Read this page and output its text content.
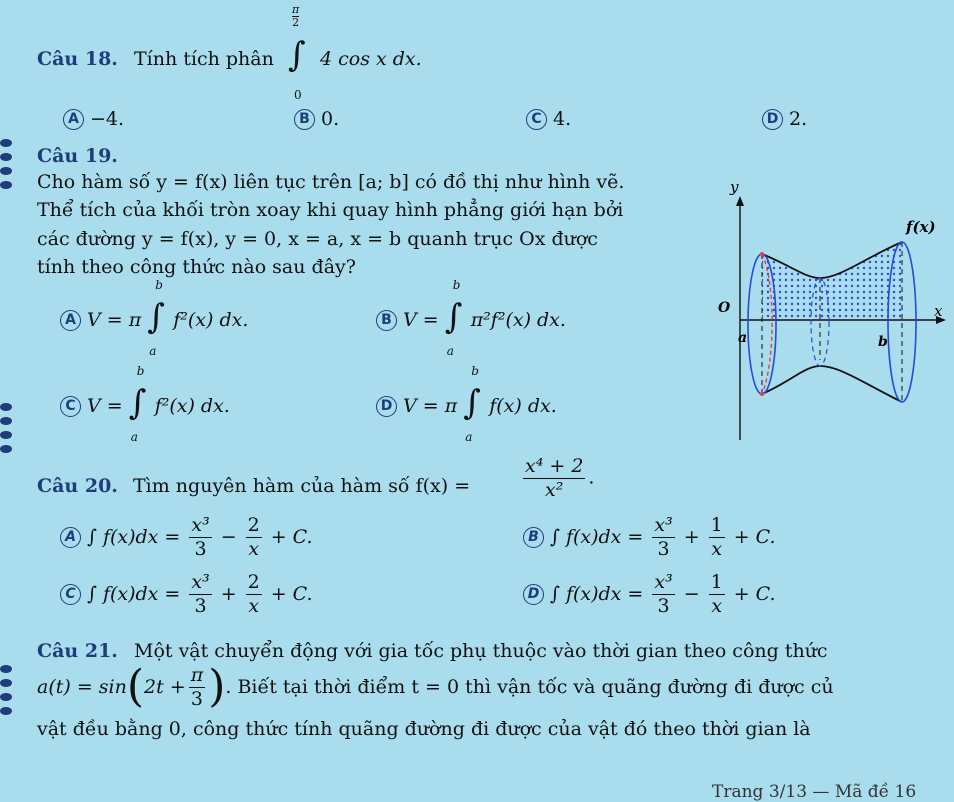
Câu 18. Tính tích phân
$\frac{\pi}{2}$
∫
0
4 cos x dx.
A −4.	B 0.	C 4.	D 2.
Câu 19.
Cho hàm số y = f(x) liên tục trên [a; b] có đồ thị như hình vẽ.
Thể tích của khối tròn xoay khi quay hình phẳng giới hạn bởi
các đường y = f(x), y = 0, x = a, x = b quanh trục Ox được
tính theo công thức nào sau đây?
A V = π
b
∫
a
f²(x) dx.	B V =
b
∫
a
π²f²(x) dx.
C V =
b
∫
a
f²(x) dx.	D V = π
b
∫
a
f(x) dx.
y
x
O
a	b
f(x)
Câu 20. Tìm nguyên hàm của hàm số f(x) =	$\frac{\text{x⁴ + 2}}{\text{x²}}$ .
A ∫ $f(x)dx = \frac{\text{x³}}{3} - \frac{2}{x} + C$.	B ∫ $f(x)dx = \frac{\text{x³}}{3} + \frac{1}{x} + C$.
C ∫ $f(x)dx = \frac{\text{x³}}{3} + \frac{2}{x} + C$.	D ∫ $f(x)dx = \frac{\text{x³}}{3} - \frac{1}{x} + C$.
Câu 21. Một vật chuyển động với gia tốc phụ thuộc vào thời gian theo công thức
a(t) = sin ( $2t + \frac{\pi}{3}$ ) . Biết tại thời điểm t = 0 thì vận tốc và quãng đường đi được củ
vật đều bằng 0, công thức tính quãng đường đi được của vật đó theo thời gian là
Trang 3/13 — Mã đề 16
